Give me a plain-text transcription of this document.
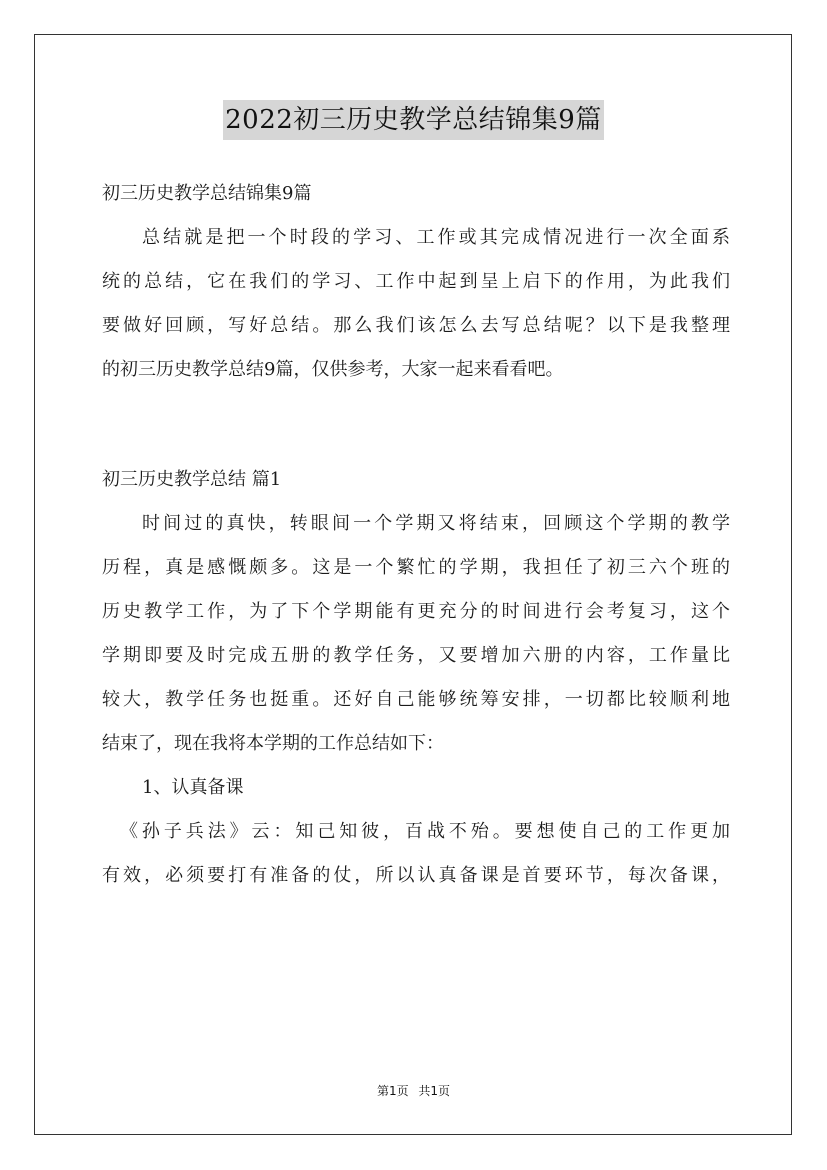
2022初三历史教学总结锦集9篇
初三历史教学总结锦集9篇
总结就是把一个时段的学习、工作或其完成情况进行一次全面系
统的总结，它在我们的学习、工作中起到呈上启下的作用，为此我们
要做好回顾，写好总结。那么我们该怎么去写总结呢？以下是我整理
的初三历史教学总结9篇，仅供参考，大家一起来看看吧。
初三历史教学总结 篇1
时间过的真快，转眼间一个学期又将结束，回顾这个学期的教学
历程，真是感慨颇多。这是一个繁忙的学期，我担任了初三六个班的
历史教学工作，为了下个学期能有更充分的时间进行会考复习，这个
学期即要及时完成五册的教学任务，又要增加六册的内容，工作量比
较大，教学任务也挺重。还好自己能够统筹安排，一切都比较顺利地
结束了，现在我将本学期的工作总结如下：
1、认真备课
《孙子兵法》云：知己知彼，百战不殆。要想使自己的工作更加
有效，必须要打有准备的仗，所以认真备课是首要环节，每次备课，
第1页 共1页
